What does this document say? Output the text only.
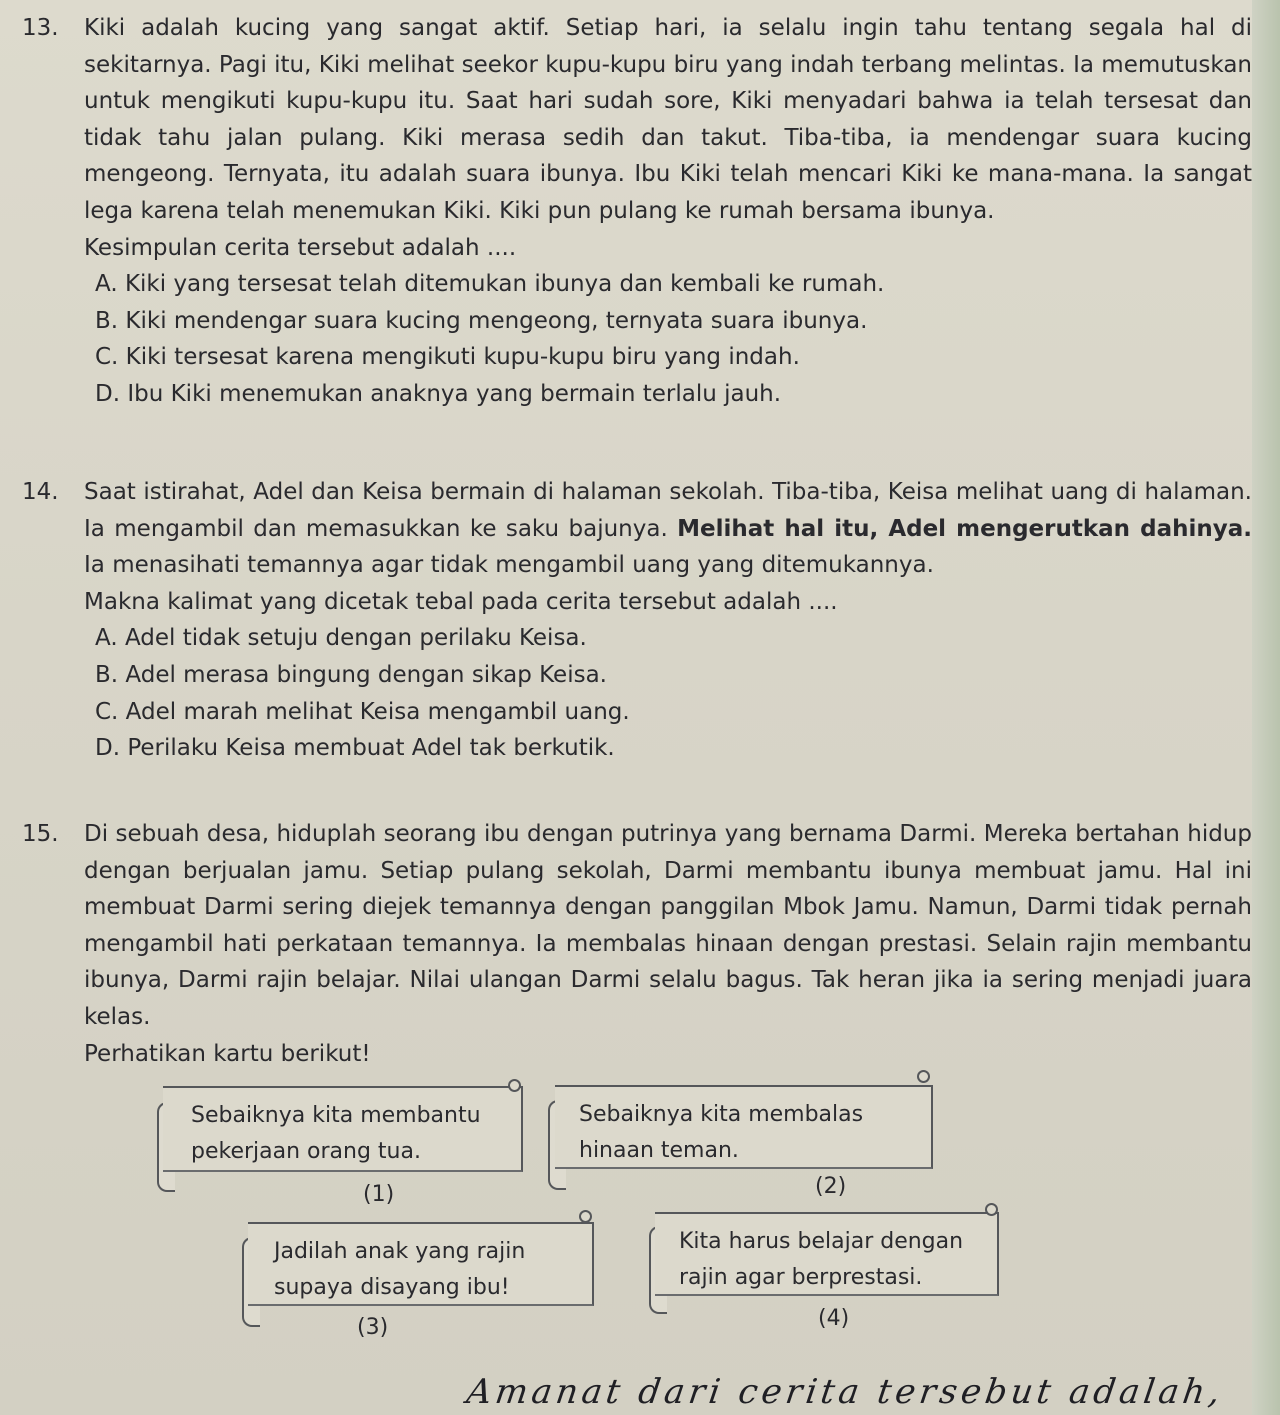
13. Kiki adalah kucing yang sangat aktif. Setiap hari, ia selalu ingin tahu tentang segala hal di sekitarnya. Pagi itu, Kiki melihat seekor kupu-kupu biru yang indah terbang melintas. Ia memutuskan untuk mengikuti kupu-kupu itu. Saat hari sudah sore, Kiki menyadari bahwa ia telah tersesat dan tidak tahu jalan pulang. Kiki merasa sedih dan takut. Tiba-tiba, ia mendengar suara kucing mengeong. Ternyata, itu adalah suara ibunya. Ibu Kiki telah mencari Kiki ke mana-mana. Ia sangat lega karena telah menemukan Kiki. Kiki pun pulang ke rumah bersama ibunya.
Kesimpulan cerita tersebut adalah ....
A. Kiki yang tersesat telah ditemukan ibunya dan kembali ke rumah.
B. Kiki mendengar suara kucing mengeong, ternyata suara ibunya.
C. Kiki tersesat karena mengikuti kupu-kupu biru yang indah.
D. Ibu Kiki menemukan anaknya yang bermain terlalu jauh.
14. Saat istirahat, Adel dan Keisa bermain di halaman sekolah. Tiba-tiba, Keisa melihat uang di halaman. Ia mengambil dan memasukkan ke saku bajunya. Melihat hal itu, Adel mengerutkan dahinya. Ia menasihati temannya agar tidak mengambil uang yang ditemukannya.
Makna kalimat yang dicetak tebal pada cerita tersebut adalah ....
A. Adel tidak setuju dengan perilaku Keisa.
B. Adel merasa bingung dengan sikap Keisa.
C. Adel marah melihat Keisa mengambil uang.
D. Perilaku Keisa membuat Adel tak berkutik.
15. Di sebuah desa, hiduplah seorang ibu dengan putrinya yang bernama Darmi. Mereka bertahan hidup dengan berjualan jamu. Setiap pulang sekolah, Darmi membantu ibunya membuat jamu. Hal ini membuat Darmi sering diejek temannya dengan panggilan Mbok Jamu. Namun, Darmi tidak pernah mengambil hati perkataan temannya. Ia membalas hinaan dengan prestasi. Selain rajin membantu ibunya, Darmi rajin belajar. Nilai ulangan Darmi selalu bagus. Tak heran jika ia sering menjadi juara kelas.
Perhatikan kartu berikut!
Sebaiknya kita membantu
pekerjaan orang tua.
(1)
Sebaiknya kita membalas
hinaan teman.
(2)
Jadilah anak yang rajin
supaya disayang ibu!
(3)
Kita harus belajar dengan
rajin agar berprestasi.
(4)
Amanat dari cerita tersebut adalah,
